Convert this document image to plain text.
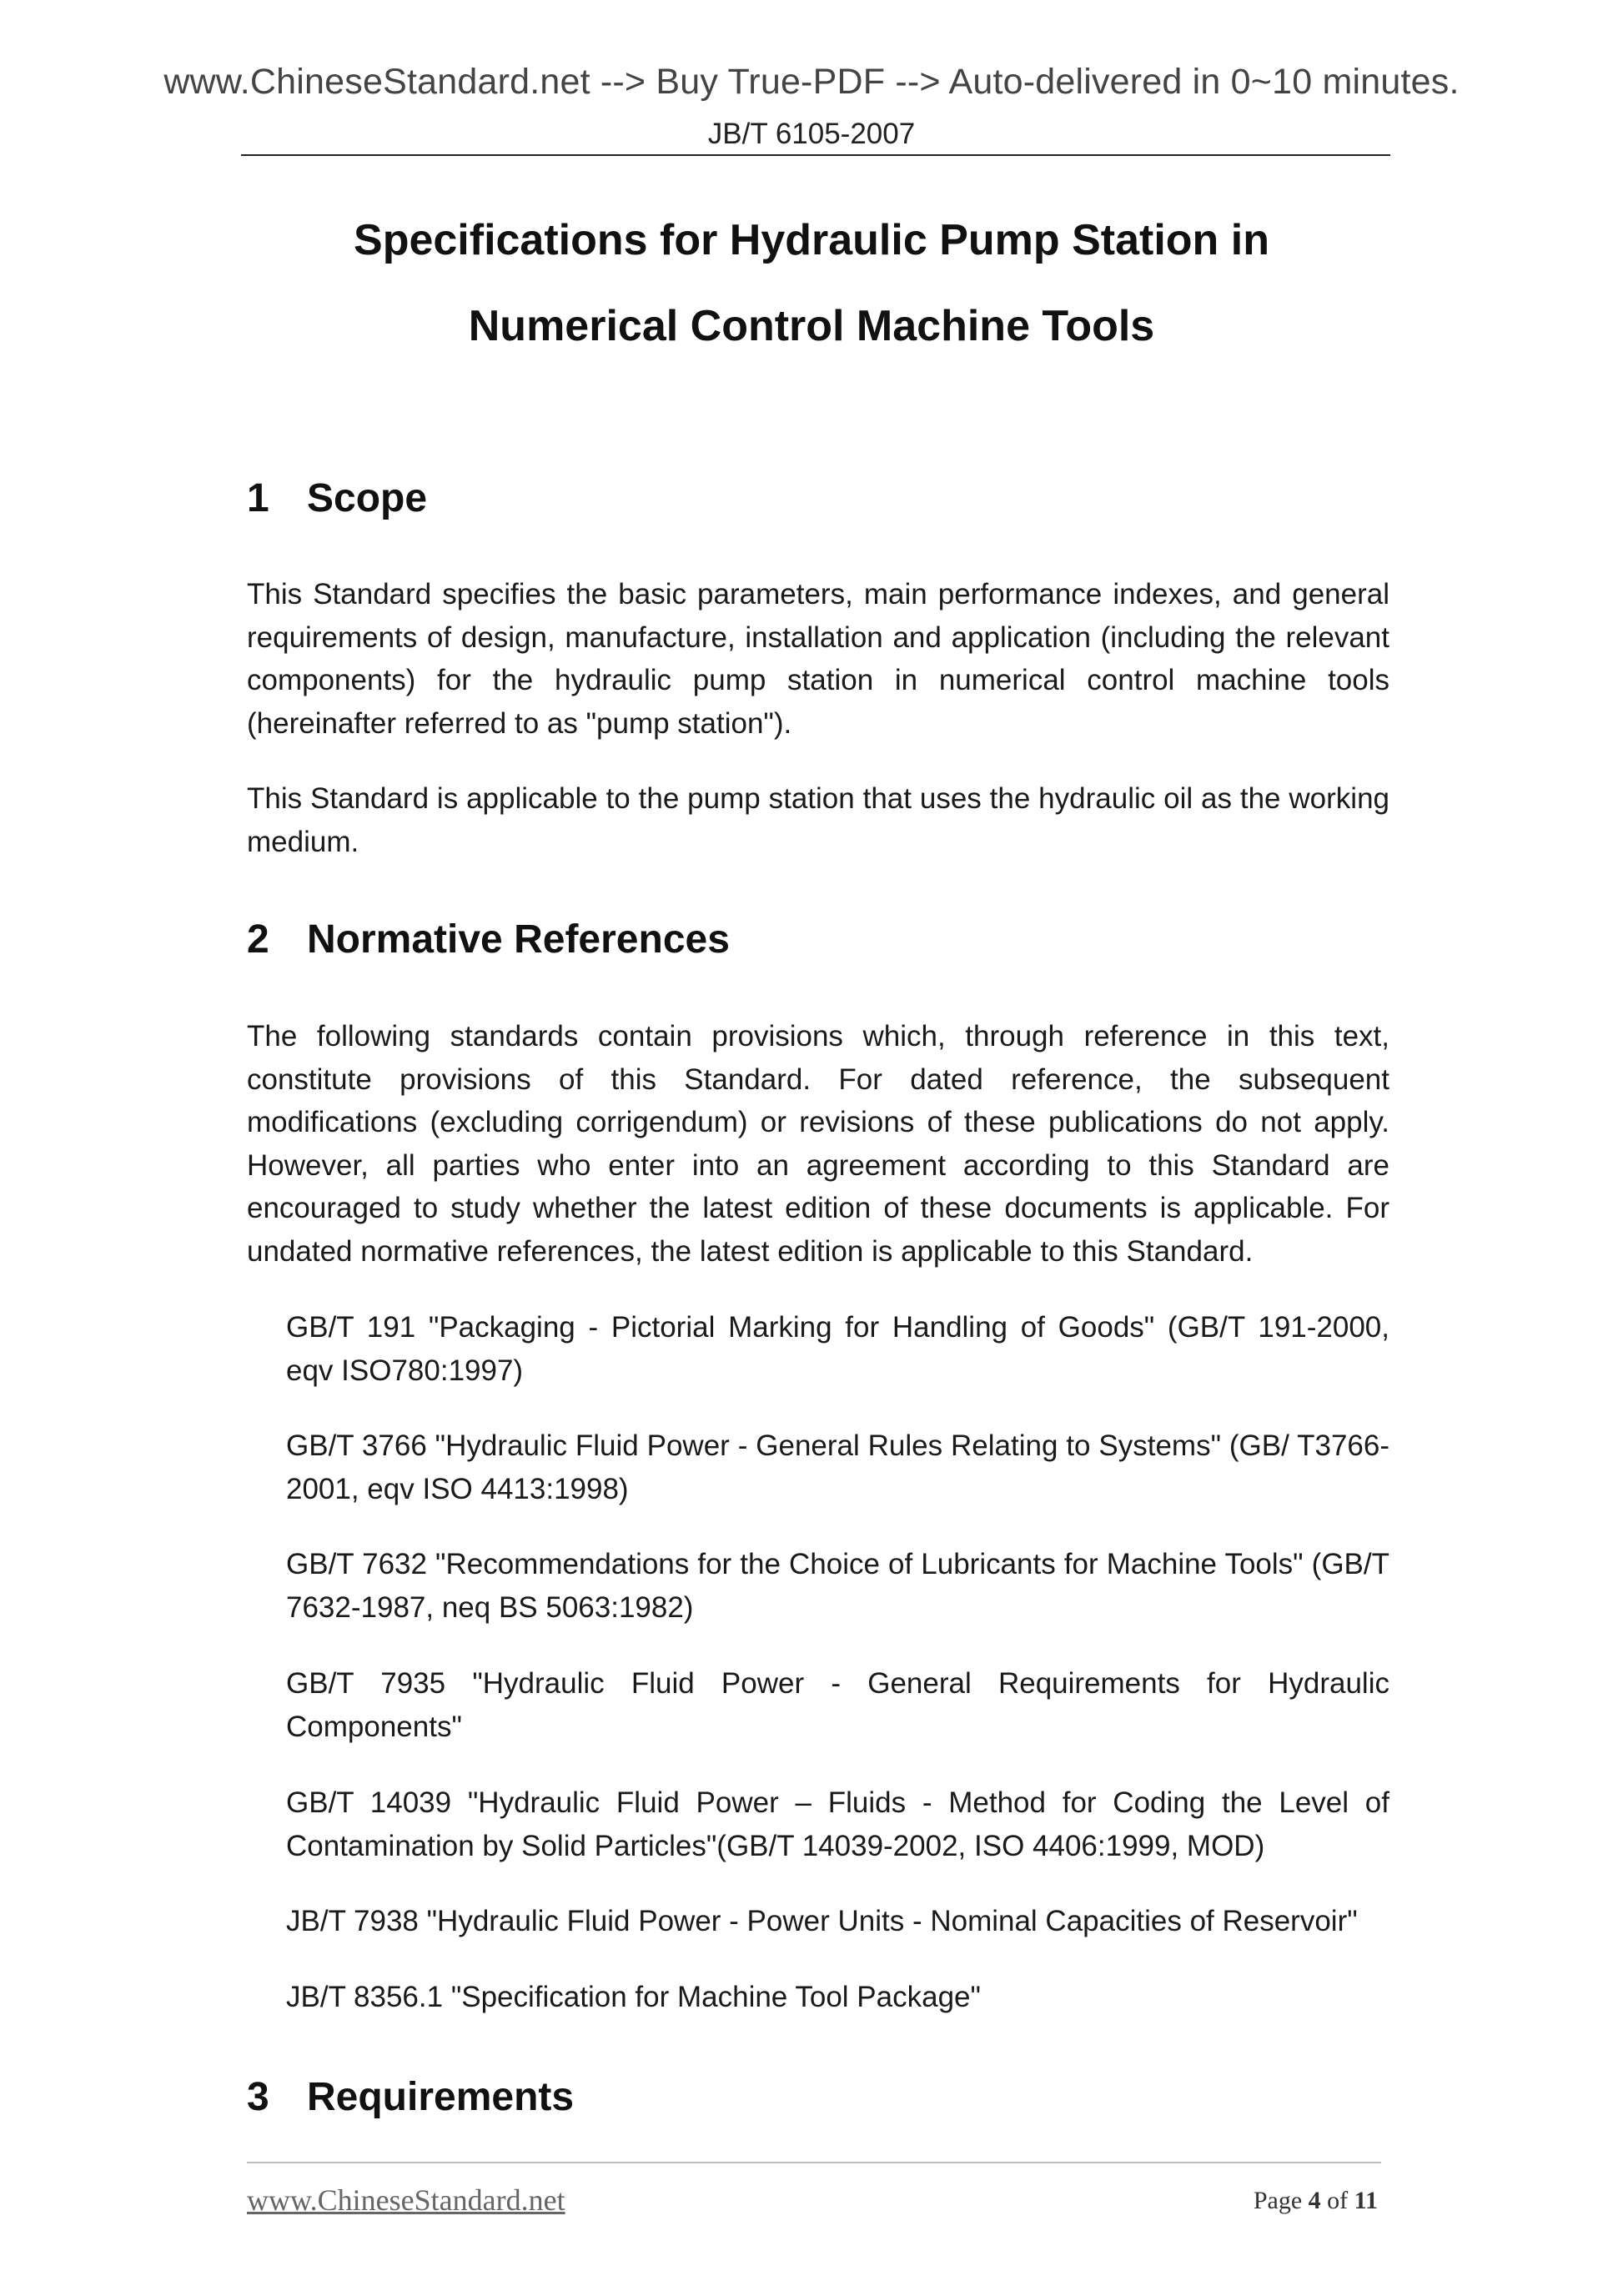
www.ChineseStandard.net --> Buy True-PDF --> Auto-delivered in 0~10 minutes.
JB/T 6105-2007
Specifications for Hydraulic Pump Station in
Numerical Control Machine Tools
1 Scope
This Standard specifies the basic parameters, main performance indexes, and general requirements of design, manufacture, installation and application (including the relevant components) for the hydraulic pump station in numerical control machine tools (hereinafter referred to as "pump station").
This Standard is applicable to the pump station that uses the hydraulic oil as the working medium.
2 Normative References
The following standards contain provisions which, through reference in this text, constitute provisions of this Standard. For dated reference, the subsequent modifications (excluding corrigendum) or revisions of these publications do not apply. However, all parties who enter into an agreement according to this Standard are encouraged to study whether the latest edition of these documents is applicable. For undated normative references, the latest edition is applicable to this Standard.
GB/T 191 "Packaging - Pictorial Marking for Handling of Goods" (GB/T 191-2000, eqv ISO780:1997)
GB/T 3766 "Hydraulic Fluid Power - General Rules Relating to Systems" (GB/ T3766-2001, eqv ISO 4413:1998)
GB/T 7632 "Recommendations for the Choice of Lubricants for Machine Tools" (GB/T 7632-1987, neq BS 5063:1982)
GB/T 7935 "Hydraulic Fluid Power - General Requirements for Hydraulic Components"
GB/T 14039 "Hydraulic Fluid Power – Fluids - Method for Coding the Level of Contamination by Solid Particles"(GB/T 14039-2002, ISO 4406:1999, MOD)
JB/T 7938 "Hydraulic Fluid Power - Power Units - Nominal Capacities of Reservoir"
JB/T 8356.1 "Specification for Machine Tool Package"
3 Requirements
www.ChineseStandard.net	Page 4 of 11
